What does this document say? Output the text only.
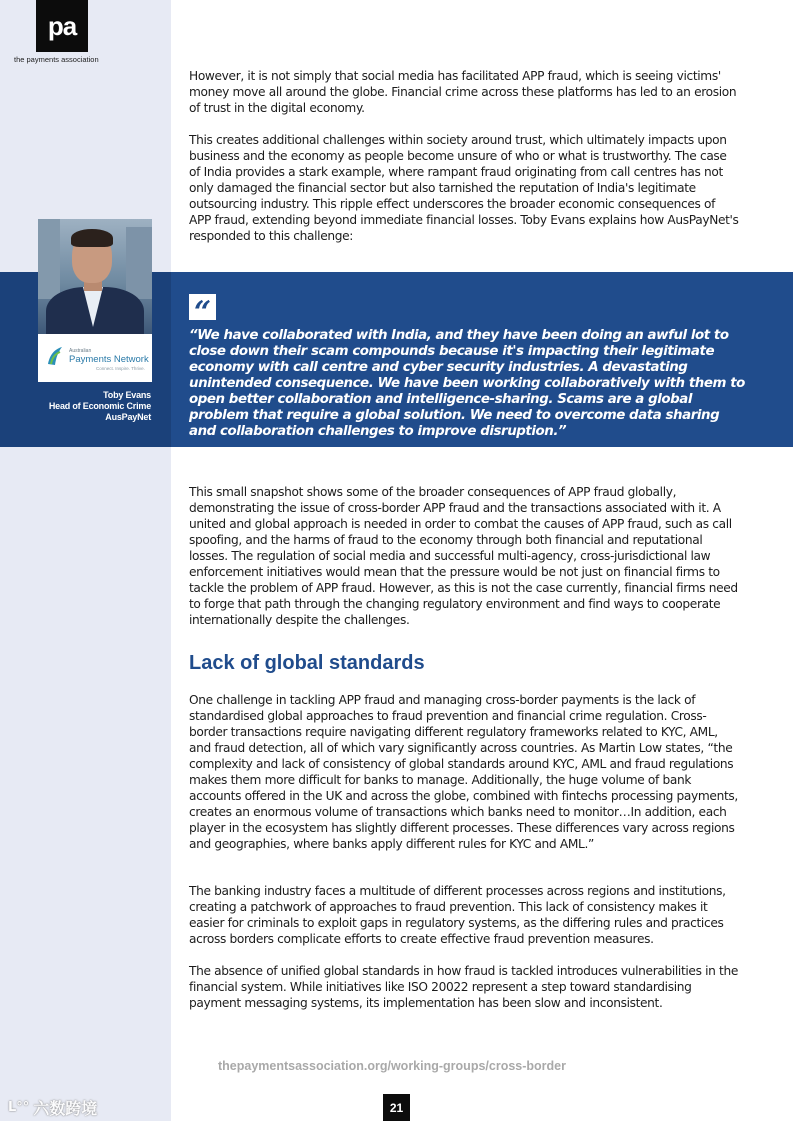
pa
the payments association

However, it is not simply that social media has facilitated APP fraud, which is seeing victims' money move all around the globe. Financial crime across these platforms has led to an erosion of trust in the digital economy.

This creates additional challenges within society around trust, which ultimately impacts upon business and the economy as people become unsure of who or what is trustworthy. The case of India provides a stark example, where rampant fraud originating from call centres has not only damaged the financial sector but also tarnished the reputation of India's legitimate outsourcing industry. This ripple effect underscores the broader economic consequences of APP fraud, extending beyond immediate financial losses. Toby Evans explains how AusPayNet's responded to this challenge:

Australian
Payments Network
Connect. Inspire. Thrive.
Toby Evans
Head of Economic Crime
AusPayNet
“

“We have collaborated with India, and they have been doing an awful lot to close down their scam compounds because it's impacting their legitimate economy with call centre and cyber security industries. A devastating unintended consequence. We have been working collaboratively with them to open better collaboration and intelligence-sharing. Scams are a global problem that require a global solution. We need to overcome data sharing and collaboration challenges to improve disruption.”

This small snapshot shows some of the broader consequences of APP fraud globally, demonstrating the issue of cross-border APP fraud and the transactions associated with it. A united and global approach is needed in order to combat the causes of APP fraud, such as call spoofing, and the harms of fraud to the economy through both financial and reputational losses. The regulation of social media and successful multi-agency, cross-jurisdictional law enforcement initiatives would mean that the pressure would be not just on financial firms to tackle the problem of APP fraud. However, as this is not the case currently, financial firms need to forge that path through the changing regulatory environment and find ways to cooperate internationally despite the challenges.

Lack of global standards

One challenge in tackling APP fraud and managing cross-border payments is the lack of standardised global approaches to fraud prevention and financial crime regulation. Cross-border transactions require navigating different regulatory frameworks related to KYC, AML, and fraud detection, all of which vary significantly across countries. As Martin Low states, “the complexity and lack of consistency of global standards around KYC, AML and fraud regulations makes them more difficult for banks to manage. Additionally, the huge volume of bank accounts offered in the UK and across the globe, combined with fintechs processing payments, creates an enormous volume of transactions which banks need to monitor…In addition, each player in the ecosystem has slightly different processes. These differences vary across regions and geographies, where banks apply different rules for KYC and AML.”

The banking industry faces a multitude of different processes across regions and institutions, creating a patchwork of approaches to fraud prevention. This lack of consistency makes it easier for criminals to exploit gaps in regulatory systems, as the differing rules and practices across borders complicate efforts to create effective fraud prevention measures.

The absence of unified global standards in how fraud is tackled introduces vulnerabilities in the financial system. While initiatives like ISO 20022 represent a step toward standardising payment messaging systems, its implementation has been slow and inconsistent.

thepaymentsassociation.org/working-groups/cross-border
21
L°° 六数跨境
